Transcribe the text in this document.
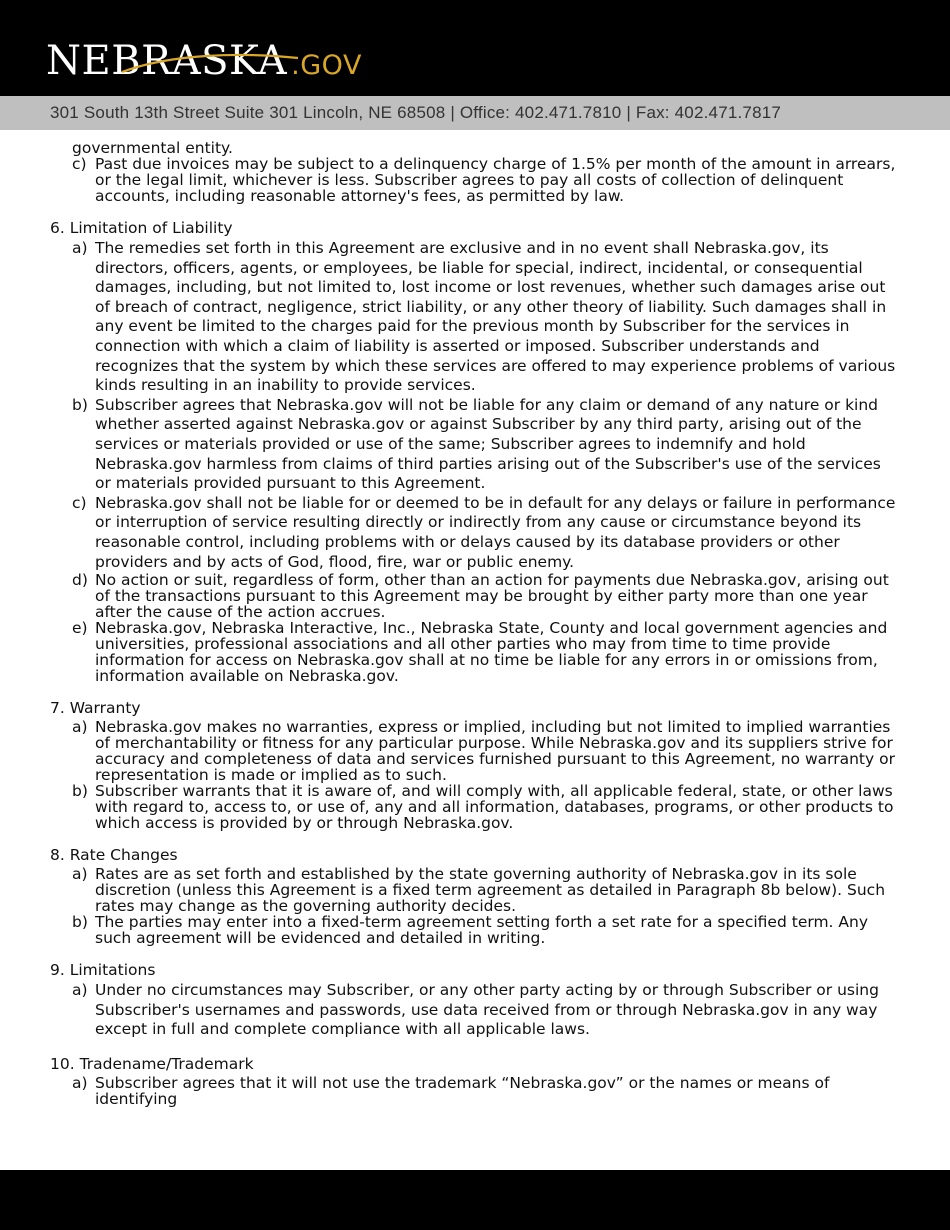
NEBRASKA .GOV
301 South 13th Street Suite 301 Lincoln, NE 68508 | Office: 402.471.7810 | Fax: 402.471.7817
governmental entity.
c) Past due invoices may be subject to a delinquency charge of 1.5% per month of the amount in arrears, or the legal limit, whichever is less. Subscriber agrees to pay all costs of collection of delinquent accounts, including reasonable attorney's fees, as permitted by law.
6. Limitation of Liability
a) The remedies set forth in this Agreement are exclusive and in no event shall Nebraska.gov, its directors, officers, agents, or employees, be liable for special, indirect, incidental, or consequential damages, including, but not limited to, lost income or lost revenues, whether such damages arise out of breach of contract, negligence, strict liability, or any other theory of liability. Such damages shall in any event be limited to the charges paid for the previous month by Subscriber for the services in connection with which a claim of liability is asserted or imposed. Subscriber understands and recognizes that the system by which these services are offered to may experience problems of various kinds resulting in an inability to provide services.
b) Subscriber agrees that Nebraska.gov will not be liable for any claim or demand of any nature or kind whether asserted against Nebraska.gov or against Subscriber by any third party, arising out of the services or materials provided or use of the same; Subscriber agrees to indemnify and hold Nebraska.gov harmless from claims of third parties arising out of the Subscriber's use of the services or materials provided pursuant to this Agreement.
c) Nebraska.gov shall not be liable for or deemed to be in default for any delays or failure in performance or interruption of service resulting directly or indirectly from any cause or circumstance beyond its reasonable control, including problems with or delays caused by its database providers or other providers and by acts of God, flood, fire, war or public enemy.
d) No action or suit, regardless of form, other than an action for payments due Nebraska.gov, arising out of the transactions pursuant to this Agreement may be brought by either party more than one year after the cause of the action accrues.
e) Nebraska.gov, Nebraska Interactive, Inc., Nebraska State, County and local government agencies and universities, professional associations and all other parties who may from time to time provide information for access on Nebraska.gov shall at no time be liable for any errors in or omissions from, information available on Nebraska.gov.
7. Warranty
a) Nebraska.gov makes no warranties, express or implied, including but not limited to implied warranties of merchantability or fitness for any particular purpose. While Nebraska.gov and its suppliers strive for accuracy and completeness of data and services furnished pursuant to this Agreement, no warranty or representation is made or implied as to such.
b) Subscriber warrants that it is aware of, and will comply with, all applicable federal, state, or other laws with regard to, access to, or use of, any and all information, databases, programs, or other products to which access is provided by or through Nebraska.gov.
8. Rate Changes
a) Rates are as set forth and established by the state governing authority of Nebraska.gov in its sole discretion (unless this Agreement is a fixed term agreement as detailed in Paragraph 8b below). Such rates may change as the governing authority decides.
b) The parties may enter into a fixed-term agreement setting forth a set rate for a specified term. Any such agreement will be evidenced and detailed in writing.
9. Limitations
a) Under no circumstances may Subscriber, or any other party acting by or through Subscriber or using Subscriber's usernames and passwords, use data received from or through Nebraska.gov in any way except in full and complete compliance with all applicable laws.
10. Tradename/Trademark
a) Subscriber agrees that it will not use the trademark “Nebraska.gov” or the names or means of identifying
